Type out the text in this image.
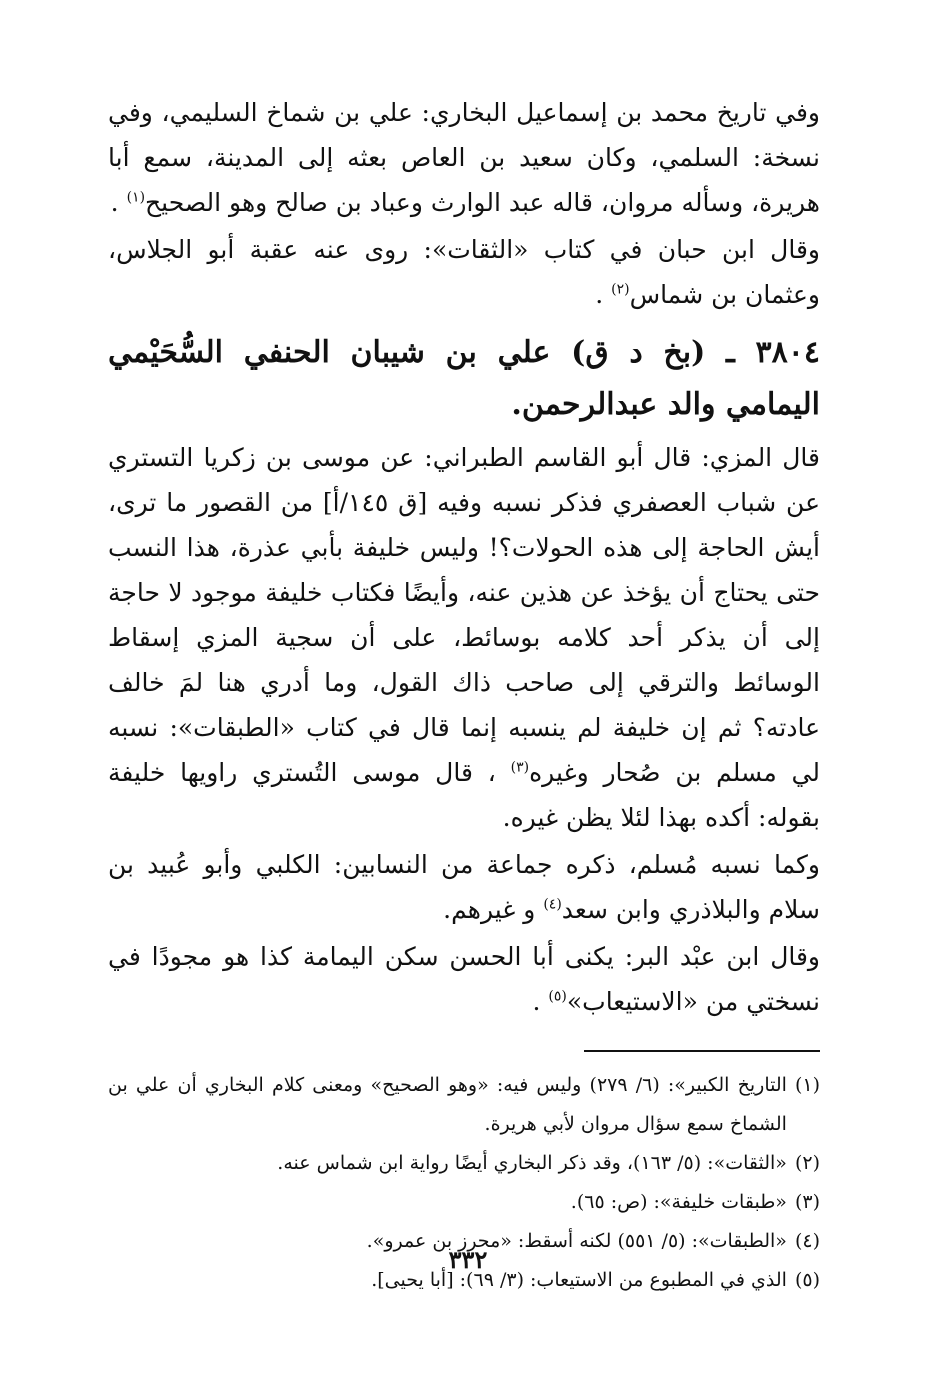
وفي تاريخ محمد بن إسماعيل البخاري: علي بن شماخ السليمي، وفي نسخة: السلمي، وكان سعيد بن العاص بعثه إلى المدينة، سمع أبا هريرة، وسأله مروان، قاله عبد الوارث وعباد بن صالح وهو الصحيح$^{(١)}$ .

وقال ابن حبان في كتاب «الثقات»: روى عنه عقبة أبو الجلاس، وعثمان بن شماس$^{(٢)}$ .

٣٨٠٤ ـ (بخ د ق) علي بن شيبان الحنفي السُّحَيْمي اليمامي والد عبدالرحمن.

قال المزي: قال أبو القاسم الطبراني: عن موسى بن زكريا التستري عن شباب العصفري فذكر نسبه وفيه [ق ١٤٥/أ] من القصور ما ترى، أيش الحاجة إلى هذه الحولات؟! وليس خليفة بأبي عذرة، هذا النسب حتى يحتاج أن يؤخذ عن هذين عنه، وأيضًا فكتاب خليفة موجود لا حاجة إلى أن يذكر أحد كلامه بوسائط، على أن سجية المزي إسقاط الوسائط والترقي إلى صاحب ذاك القول، وما أدري هنا لمَ خالف عادته؟ ثم إن خليفة لم ينسبه إنما قال في كتاب «الطبقات»: نسبه لي مسلم بن صُحار وغيره$^{(٣)}$ ، قال موسى التُستري راويها خليفة بقوله: أكده بهذا لئلا يظن غيره.

وكما نسبه مُسلم، ذكره جماعة من النسابين: الكلبي وأبو عُبيد بن سلام والبلاذري وابن سعد$^{(٤)}$ و غيرهم.

وقال ابن عبْد البر: يكنى أبا الحسن سكن اليمامة كذا هو مجودًا في نسختي من «الاستيعاب»$^{(٥)}$ .

(١)
التاريخ الكبير»: (٦/ ٢٧٩) وليس فيه: «وهو الصحيح» ومعنى كلام البخاري أن علي بن الشماخ سمع سؤال مروان لأبي هريرة.
(٢)
«الثقات»: (٥/ ١٦٣)، وقد ذكر البخاري أيضًا رواية ابن شماس عنه.
(٣)
«طبقات خليفة»: (ص: ٦٥).
(٤)
«الطبقات»: (٥/ ٥٥١) لكنه أسقط: «محرز بن عمرو».
(٥)
الذي في المطبوع من الاستيعاب: (٣/ ٦٩): [أبا يحيى].
٣٣٢
